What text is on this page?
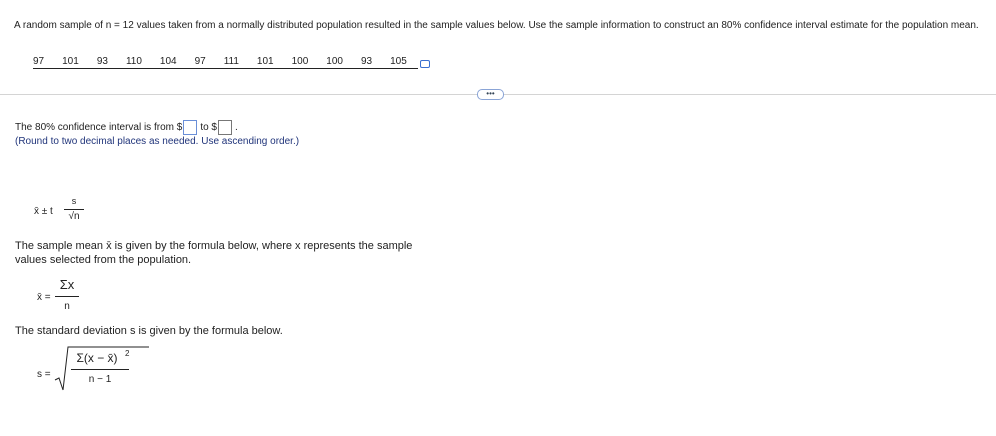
A random sample of n = 12 values taken from a normally distributed population resulted in the sample values below. Use the sample information to construct an 80% confidence interval estimate for the population mean.
97	101	93	110	104	97	111	101	100	100	93	105
•••
The 80% confidence interval is from $ to $ .
(Round to two decimal places as needed. Use ascending order.)
x̄ ± t
s
√n
The sample mean x̄ is given by the formula below, where x represents the sample
values selected from the population.
x̄ =
Σx
n
The standard deviation s is given by the formula below.
s =
Σ(x − x̄) 2
n − 1
